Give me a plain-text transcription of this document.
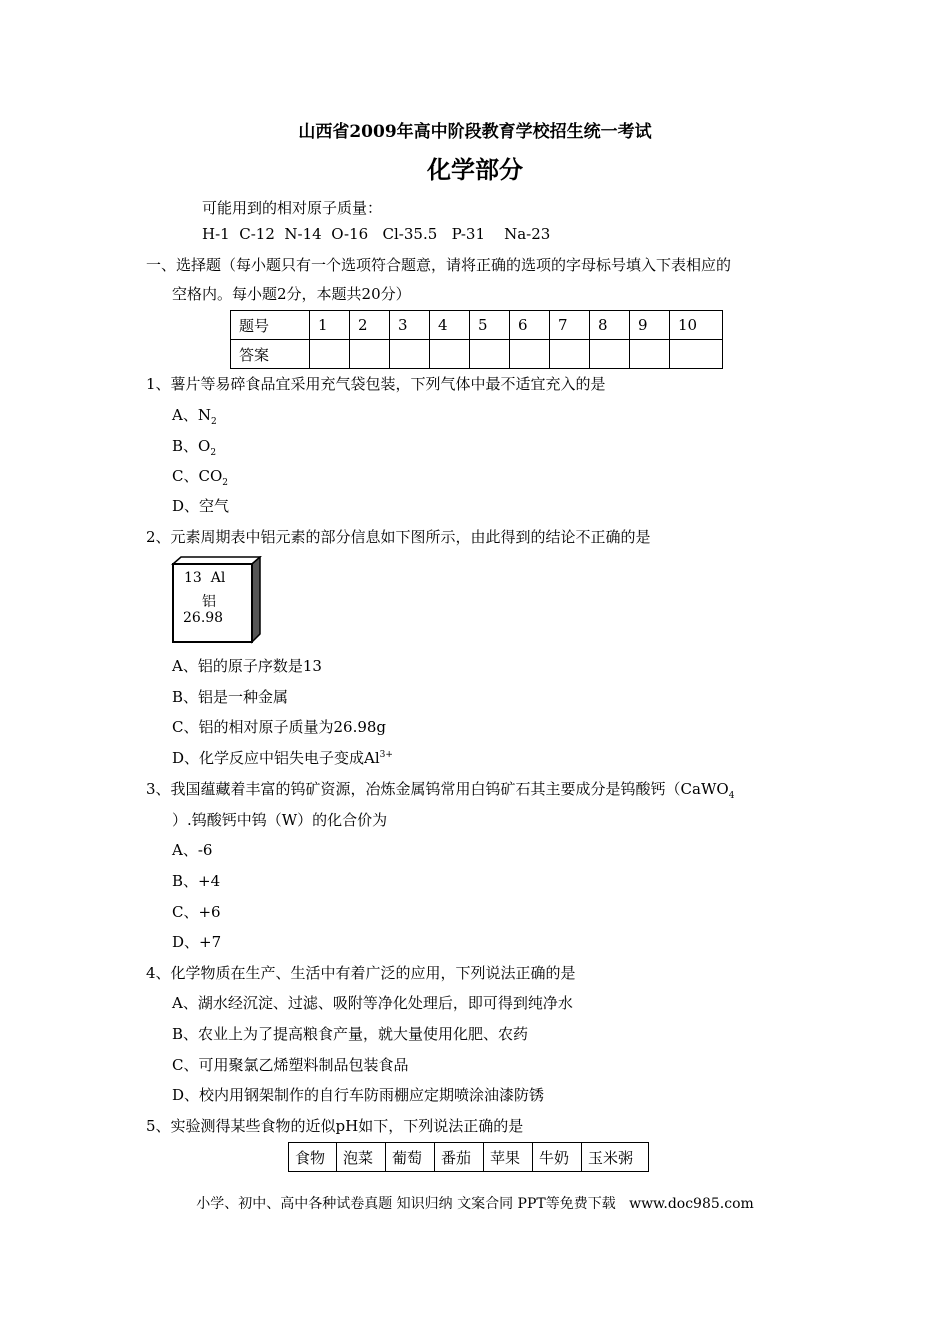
山西省2009年高中阶段教育学校招生统一考试
化学部分
可能用到的相对原子质量：
H-1  C-12  N-14  O-16   Cl-35.5   P-31    Na-23
一、选择题（每小题只有一个选项符合题意，请将正确的选项的字母标号填入下表相应的
空格内。每小题2分，本题共20分）
题号	1	2	3	4	5	6	7	8	9	10
答案										
1、薯片等易碎食品宜采用充气袋包装，下列气体中最不适宜充入的是
A、$N_2$
B、$O_2$
C、$CO_2$
D、空气
2、元素周期表中铝元素的部分信息如下图所示，由此得到的结论不正确的是
13  Al
铝
26.98
A、铝的原子序数是13
B、铝是一种金属
C、铝的相对原子质量为26.98g
D、化学反应中铝失电子变成$Al^{3+}$
3、我国蕴藏着丰富的钨矿资源，冶炼金属钨常用白钨矿石其主要成分是钨酸钙（CaWO$_4$
）.钨酸钙中钨（W）的化合价为
A、-6
B、+4
C、+6
D、+7
4、化学物质在生产、生活中有着广泛的应用，下列说法正确的是
A、湖水经沉淀、过滤、吸附等净化处理后，即可得到纯净水
B、农业上为了提高粮食产量，就大量使用化肥、农药
C、可用聚氯乙烯塑料制品包装食品
D、校内用钢架制作的自行车防雨棚应定期喷涂油漆防锈
5、实验测得某些食物的近似pH如下，下列说法正确的是
食物	泡菜	葡萄	番茄	苹果	牛奶	玉米粥
小学、初中、高中各种试卷真题 知识归纳 文案合同 PPT等免费下载   www.doc985.com
